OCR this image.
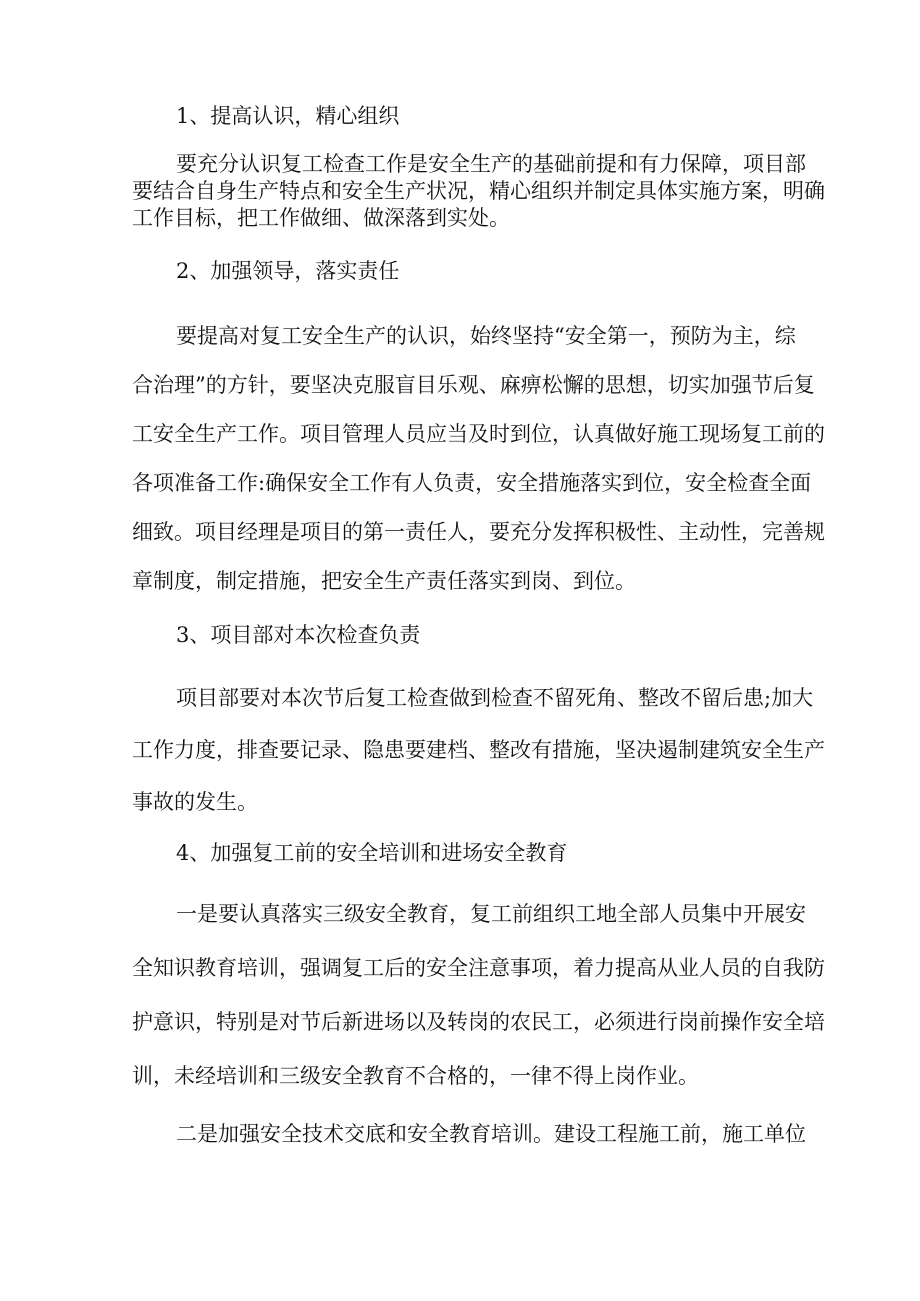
1、提高认识，精心组织
要充分认识复工检查工作是安全生产的基础前提和有力保障，项目部
要结合自身生产特点和安全生产状况，精心组织并制定具体实施方案，明确
工作目标，把工作做细、做深落到实处。
2、加强领导，落实责任
要提高对复工安全生产的认识，始终坚持“安全第一，预防为主，综
合治理”的方针，要坚决克服盲目乐观、麻痹松懈的思想，切实加强节后复
工安全生产工作。项目管理人员应当及时到位，认真做好施工现场复工前的
各项准备工作:确保安全工作有人负责，安全措施落实到位，安全检查全面
细致。项目经理是项目的第一责任人，要充分发挥积极性、主动性，完善规
章制度，制定措施，把安全生产责任落实到岗、到位。
3、项目部对本次检查负责
项目部要对本次节后复工检查做到检查不留死角、整改不留后患;加大
工作力度，排查要记录、隐患要建档、整改有措施，坚决遏制建筑安全生产
事故的发生。
4、加强复工前的安全培训和进场安全教育
一是要认真落实三级安全教育，复工前组织工地全部人员集中开展安
全知识教育培训，强调复工后的安全注意事项，着力提高从业人员的自我防
护意识，特别是对节后新进场以及转岗的农民工，必须进行岗前操作安全培
训，未经培训和三级安全教育不合格的，一律不得上岗作业。
二是加强安全技术交底和安全教育培训。建设工程施工前，施工单位
